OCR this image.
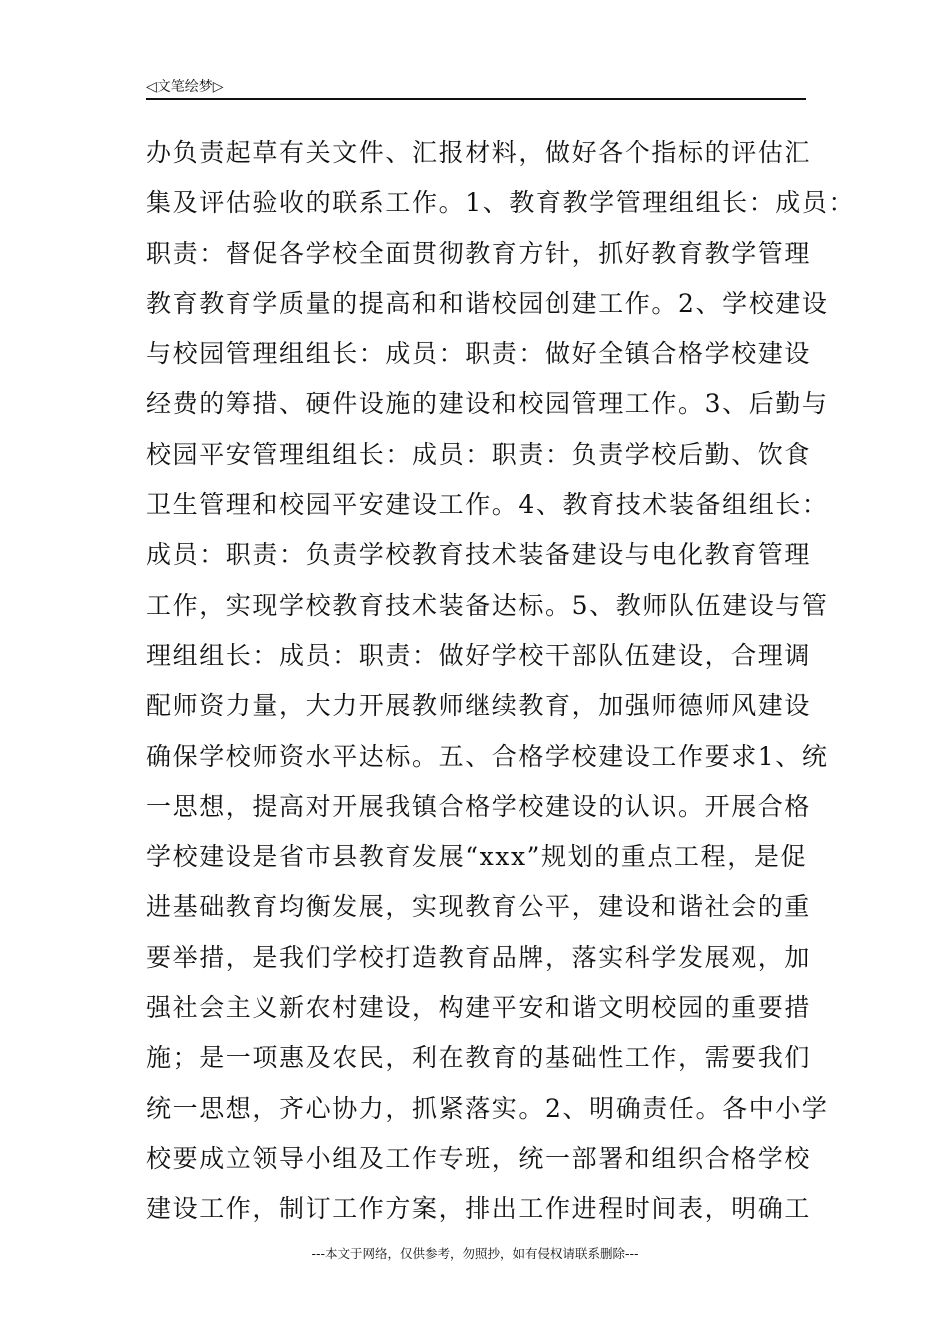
◁文笔绘梦▷
办负责起草有关文件、汇报材料，做好各个指标的评估汇
集及评估验收的联系工作。1、教育教学管理组组长：成员：
职责：督促各学校全面贯彻教育方针，抓好教育教学管理
教育教育学质量的提高和和谐校园创建工作。2、学校建设
与校园管理组组长：成员：职责：做好全镇合格学校建设
经费的筹措、硬件设施的建设和校园管理工作。3、后勤与
校园平安管理组组长：成员：职责：负责学校后勤、饮食
卫生管理和校园平安建设工作。4、教育技术装备组组长：
成员：职责：负责学校教育技术装备建设与电化教育管理
工作，实现学校教育技术装备达标。5、教师队伍建设与管
理组组长：成员：职责：做好学校干部队伍建设，合理调
配师资力量，大力开展教师继续教育，加强师德师风建设
确保学校师资水平达标。五、合格学校建设工作要求1、统
一思想，提高对开展我镇合格学校建设的认识。开展合格
学校建设是省市县教育发展“xxx”规划的重点工程，是促
进基础教育均衡发展，实现教育公平，建设和谐社会的重
要举措，是我们学校打造教育品牌，落实科学发展观，加
强社会主义新农村建设，构建平安和谐文明校园的重要措
施；是一项惠及农民，利在教育的基础性工作，需要我们
统一思想，齐心协力，抓紧落实。2、明确责任。各中小学
校要成立领导小组及工作专班，统一部署和组织合格学校
建设工作，制订工作方案，排出工作进程时间表，明确工
---本文于网络，仅供参考，勿照抄，如有侵权请联系删除---
